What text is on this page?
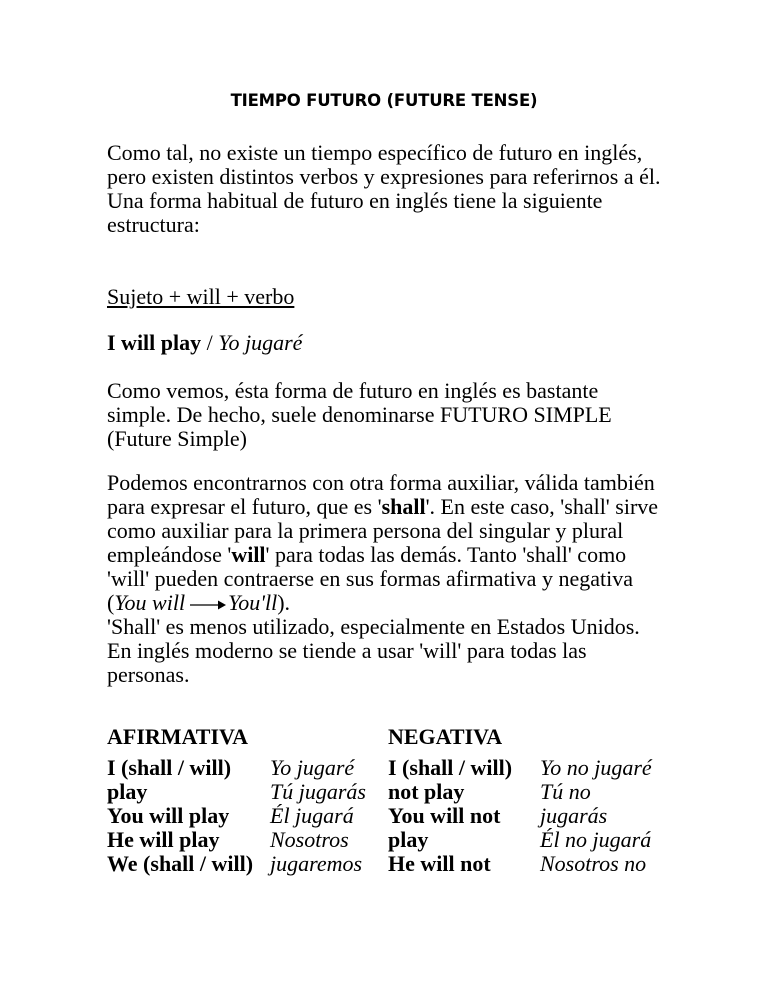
TIEMPO FUTURO (FUTURE TENSE)
Como tal, no existe un tiempo específico de futuro en inglés, pero existen distintos verbos y expresiones para referirnos a él.
Una forma habitual de futuro en inglés tiene la siguiente estructura:
Sujeto + will + verbo
I will play / Yo jugaré
Como vemos, ésta forma de futuro en inglés es bastante simple. De hecho, suele denominarse FUTURO SIMPLE (Future Simple)
Podemos encontrarnos con otra forma auxiliar, válida también para expresar el futuro, que es 'shall'. En este caso, 'shall' sirve como auxiliar para la primera persona del singular y plural empleándose 'will' para todas las demás. Tanto 'shall' como 'will' pueden contraerse en sus formas afirmativa y negativa (You will You'll).
'Shall' es menos utilizado, especialmente en Estados Unidos. En inglés moderno se tiende a usar 'will' para todas las personas.
AFIRMATIVA	NEGATIVA
I (shall / will)
play
You will play
He will play
We (shall / will)
Yo jugaré
Tú jugarás
Él jugará
Nosotros
jugaremos
I (shall / will)
not play
You will not
play
He will not
Yo no jugaré
Tú no
jugarás
Él no jugará
Nosotros no
